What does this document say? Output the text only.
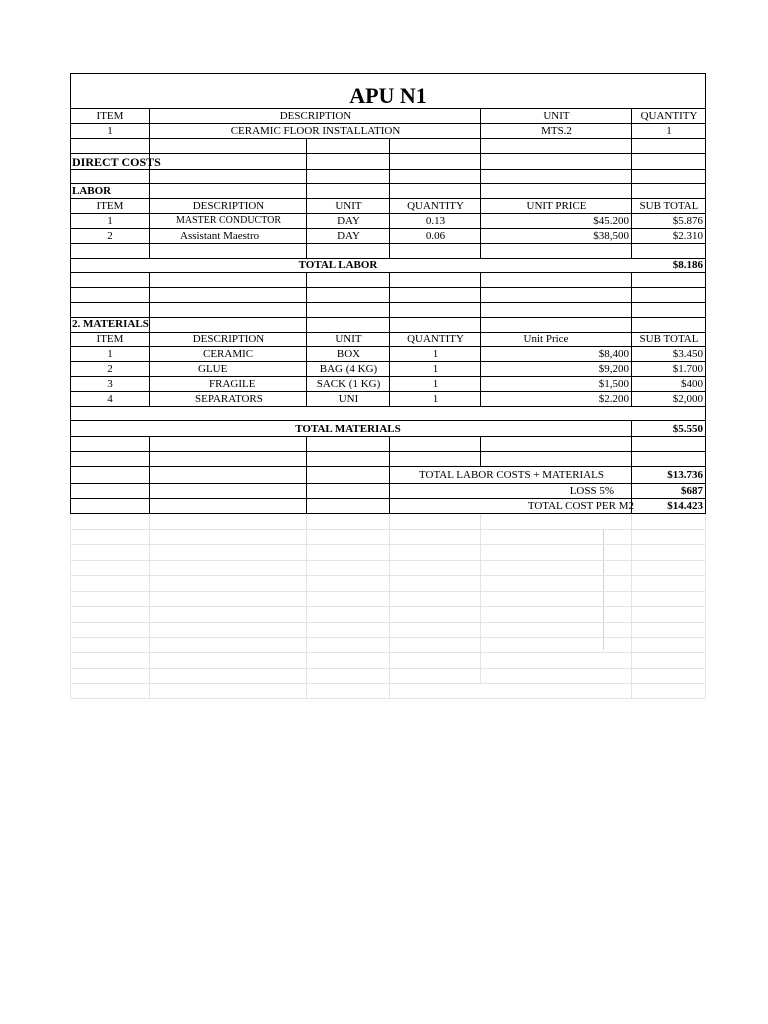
APU N1
ITEM	DESCRIPTION	UNIT	QUANTITY
1	CERAMIC FLOOR INSTALLATION	MTS.2	1
DIRECT COSTS
LABOR
ITEM	DESCRIPTION	UNIT	QUANTITY	UNIT PRICE	SUB TOTAL
1	MASTER CONDUCTOR	DAY	0.13	$45.200	$5.876
2	Assistant Maestro	DAY	0.06	$38,500	$2.310
TOTAL LABOR	$8.186
2. MATERIALS
ITEM	DESCRIPTION	UNIT	QUANTITY	Unit Price	SUB TOTAL
1	CERAMIC	BOX	1	$8,400	$3.450
2	GLUE	BAG (4 KG)	1	$9,200	$1.700
3	FRAGILE	SACK (1 KG)	1	$1,500	$400
4	SEPARATORS	UNI	1	$2.200	$2,000
TOTAL MATERIALS	$5.550
TOTAL LABOR COSTS + MATERIALS	$13.736
LOSS 5%	$687
TOTAL COST PER M2	$14.423
